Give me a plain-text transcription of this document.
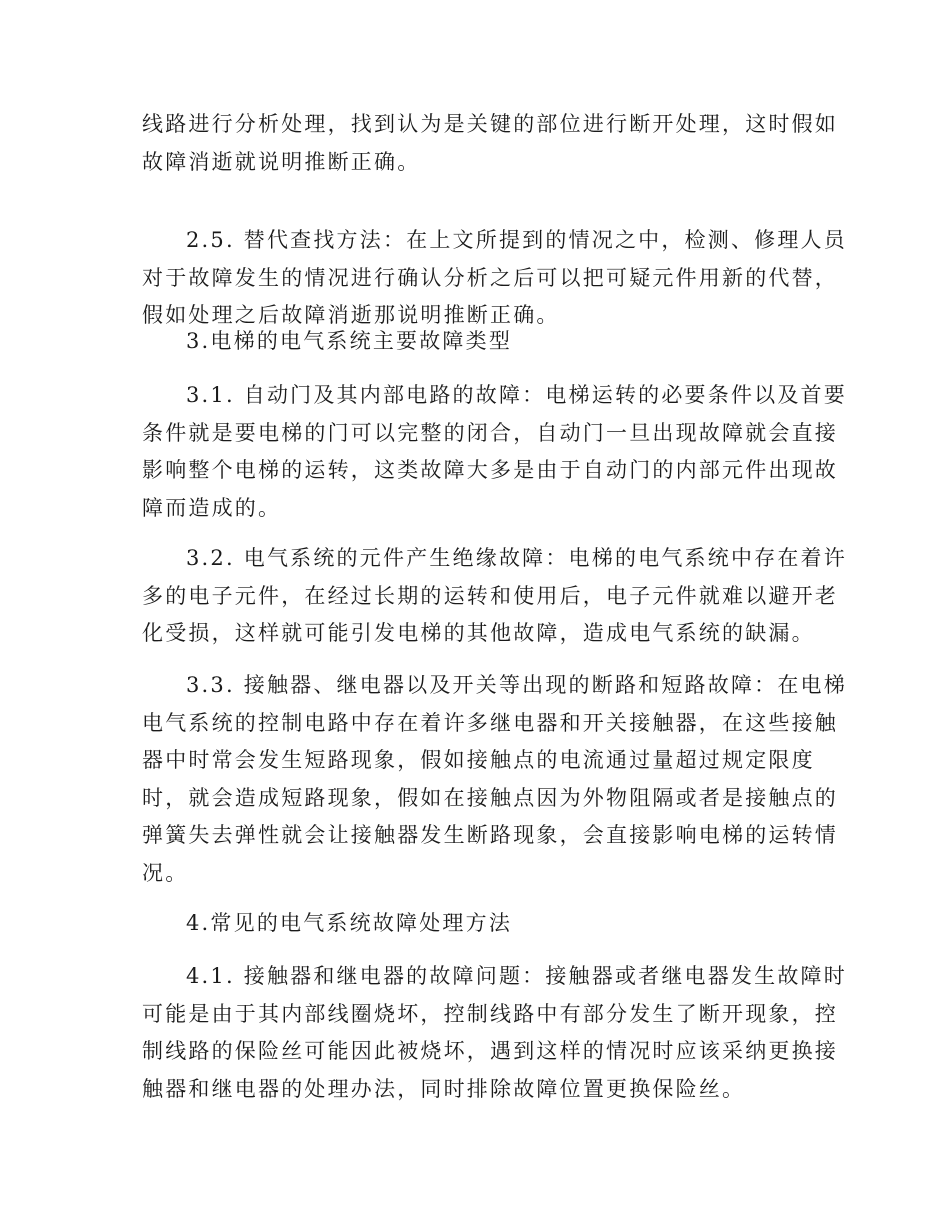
线路进行分析处理，找到认为是关键的部位进行断开处理，这时假如
故障消逝就说明推断正确。
2.5. 替代查找方法：在上文所提到的情况之中，检测、修理人员
对于故障发生的情况进行确认分析之后可以把可疑元件用新的代替，
假如处理之后故障消逝那说明推断正确。
3.电梯的电气系统主要故障类型
3.1. 自动门及其内部电路的故障：电梯运转的必要条件以及首要
条件就是要电梯的门可以完整的闭合，自动门一旦出现故障就会直接
影响整个电梯的运转，这类故障大多是由于自动门的内部元件出现故
障而造成的。
3.2. 电气系统的元件产生绝缘故障：电梯的电气系统中存在着许
多的电子元件，在经过长期的运转和使用后，电子元件就难以避开老
化受损，这样就可能引发电梯的其他故障，造成电气系统的缺漏。
3.3. 接触器、继电器以及开关等出现的断路和短路故障：在电梯
电气系统的控制电路中存在着许多继电器和开关接触器，在这些接触
器中时常会发生短路现象，假如接触点的电流通过量超过规定限度
时，就会造成短路现象，假如在接触点因为外物阻隔或者是接触点的
弹簧失去弹性就会让接触器发生断路现象，会直接影响电梯的运转情
况。
4.常见的电气系统故障处理方法
4.1. 接触器和继电器的故障问题：接触器或者继电器发生故障时
可能是由于其内部线圈烧坏，控制线路中有部分发生了断开现象，控
制线路的保险丝可能因此被烧坏，遇到这样的情况时应该采纳更换接
触器和继电器的处理办法，同时排除故障位置更换保险丝。
